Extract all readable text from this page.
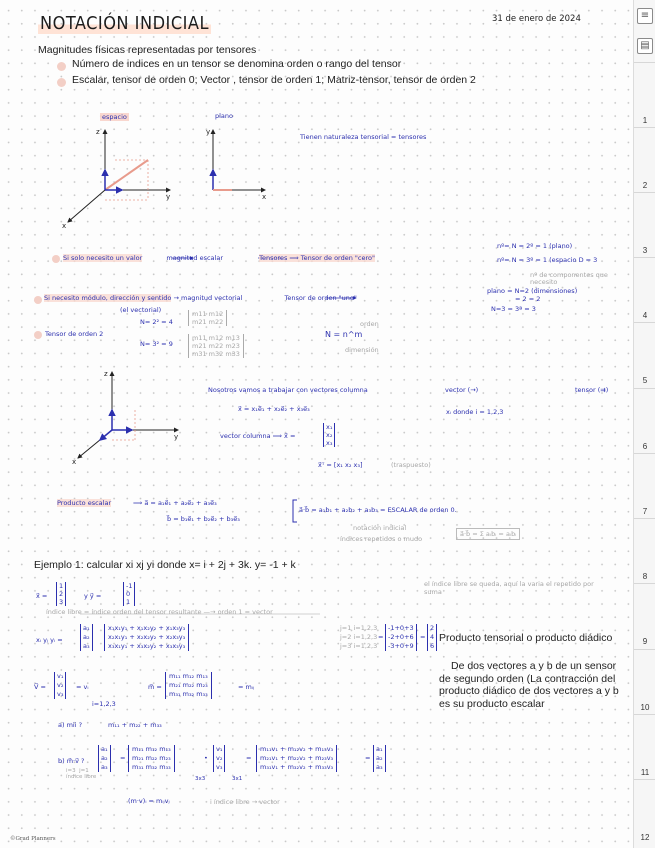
NOTACIÓN INDICIAL	31 de enero de 2024
Magnitudes físicas representadas por tensores
Número de indices en un tensor se denomina orden o rango del tensor
Escalar, tensor de orden 0; Vector , tensor de orden 1; Matriz-tensor, tensor de orden 2
espacio	plano
Tienen naturaleza tensorial = tensores
z
y
x
y
x
z
y
x
Si solo necesito un valor	magnitud escalar	Tensores ⟹ Tensor de orden "cero"
nº= N = 2º = 1 (plano)
nº= N = 3º = 1 (espacio D = 3
Si necesito módulo, dirección y sentido → magnitud vectorial	Tensor de orden "uno"
(el vectorial)
nº de componentes que necesito
plano = N=2 (dimensiones)
= 2 = 2
N=3 = 3ª = 3
Tensor de orden 2
N= 2² = 4
N= 3² = 9
m11 m12
m21 m22
m11 m12 m13
m21 m22 m23
m31 m32 m33
N = n^m
orden
dimensión
Nosotros vamos a trabajar con vectores columna	vector (→)	tensor (⇉)
x⃗ = x₁e⃗₁ + x₂e⃗₂ + x₃e⃗₃	xᵢ donde i = 1,2,3
vector columna ⟹ x⃗ =
x₁
x₂
x₃
x⃗ᵀ = [x₁ x₂ x₃]	(traspuesto)
Producto escalar	⟹ a⃗ = a₁e⃗₁ + a₂e⃗₂ + a₃e⃗₃
b⃗ = b₁e⃗₁ + b₂e⃗₂ + b₃e⃗₃
a⃗·b⃗ = a₁b₁ + a₂b₂ + a₃b₃ = ESCALAR de orden 0.
notación indicial
índices repetidos o mudo
a⃗·b⃗ = Σ aᵢbᵢ = aᵢbᵢ
Ejemplo 1: calcular xi xj yi donde x= i + 2j + 3k. y= -1 + k
x⃗ =
1
2
3
y y⃗ =
-1
0
1
el índice libre se queda, aquí la varia el repetido por suma
índice libre = índice orden del tensor resultante —→ orden 1 = vector
xᵢ yⱼ yᵢ =
a₁
a₂
a₃
x₁x₁y₁ + x₁x₂y₂ + x₁x₃y₃
x₂x₁y₁ + x₂x₂y₂ + x₂x₃y₃
x₃x₁y₁ + x₃x₂y₂ + x₃x₃y₃
j=1 i=1,2,3
j=2 i=1,2,3
j=3 i=1,2,3
=
-1+0+3
-2+0+6
-3+0+9
=
2
4
6
Producto tensorial o producto diádico
De dos vectores a y b de un sensor de segundo orden (La contracción del producto diádico de dos vectores a y b es su producto escalar
V⃗ =
v₁
v₂
v₃
= vᵢ
i=1,2,3
m⃗ =
m₁₁ m₁₂ m₁₃
m₂₁ m₂₂ m₂₃
m₃₁ m₃₂ m₃₃
= mᵢⱼ
a) mii ?	m₁₁ + m₂₂ + m₃₃
b) m⃗·v⃗ ?
i=3  j=1
índice libre
a₁
a₂
a₃
=
m₁₁ m₁₂ m₁₃
m₂₁ m₂₂ m₂₃
m₃₁ m₃₂ m₃₃
3x3
•
v₁
v₂
v₃
3x1
=
m₁₁v₁ + m₁₂v₂ + m₁₃v₃
m₂₁v₁ + m₂₂v₂ + m₂₃v₃
m₃₁v₁ + m₃₂v₂ + m₃₃v₃
=
a₁
a₂
a₃
(m·v)ᵢ = mᵢⱼvⱼ	i índice libre → vector
©Grad Planners
≡
▤
1
2
3
4
5
6
7
8
9
10
11
12
